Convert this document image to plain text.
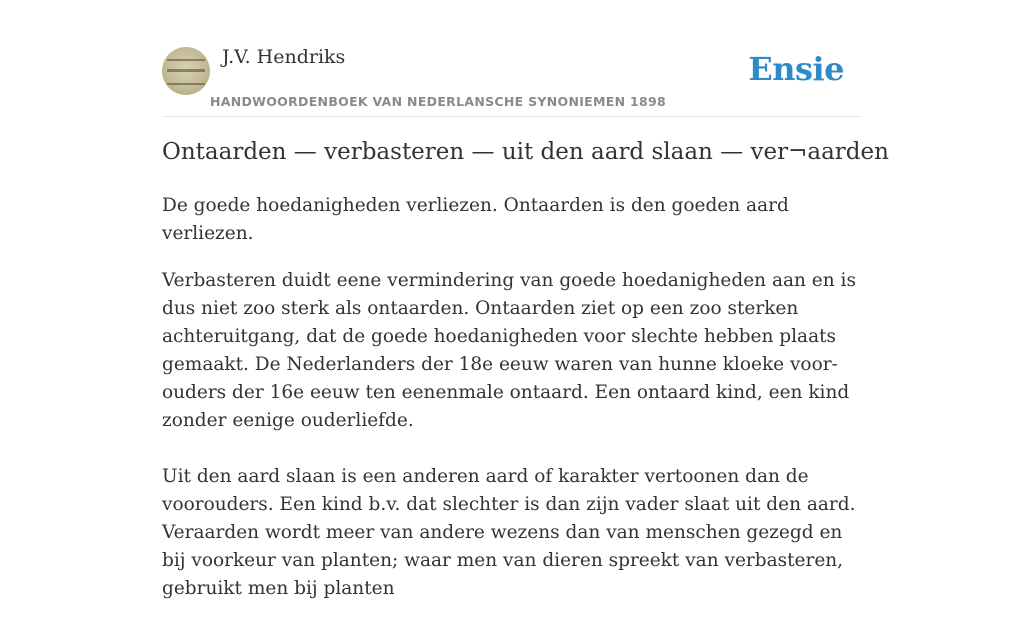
J.V. Hendriks
HANDWOORDENBOEK VAN NEDERLANSCHE SYNONIEMEN 1898
Ensie
Ontaarden — verbasteren — uit den aard slaan — ver¬aarden

De goede hoedanigheden verliezen. Ontaarden is den goeden aard verliezen.

Verbasteren duidt eene vermindering van goede hoedanigheden aan en is dus niet zoo sterk als ontaarden. Ontaarden ziet op een zoo sterken achteruitgang, dat de goede hoedanigheden voor slechte hebben plaats gemaakt. De Nederlanders der 18e eeuw waren van hunne kloeke voor-ouders der 16e eeuw ten eenenmale ontaard. Een ontaard kind, een kind zonder eenige ouderliefde.

Uit den aard slaan is een anderen aard of karakter vertoonen dan de voorouders. Een kind b.v. dat slechter is dan zijn vader slaat uit den aard. Veraarden wordt meer van andere wezens dan van menschen gezegd en bij voorkeur van planten; waar men van dieren spreekt van verbasteren, gebruikt men bij planten
